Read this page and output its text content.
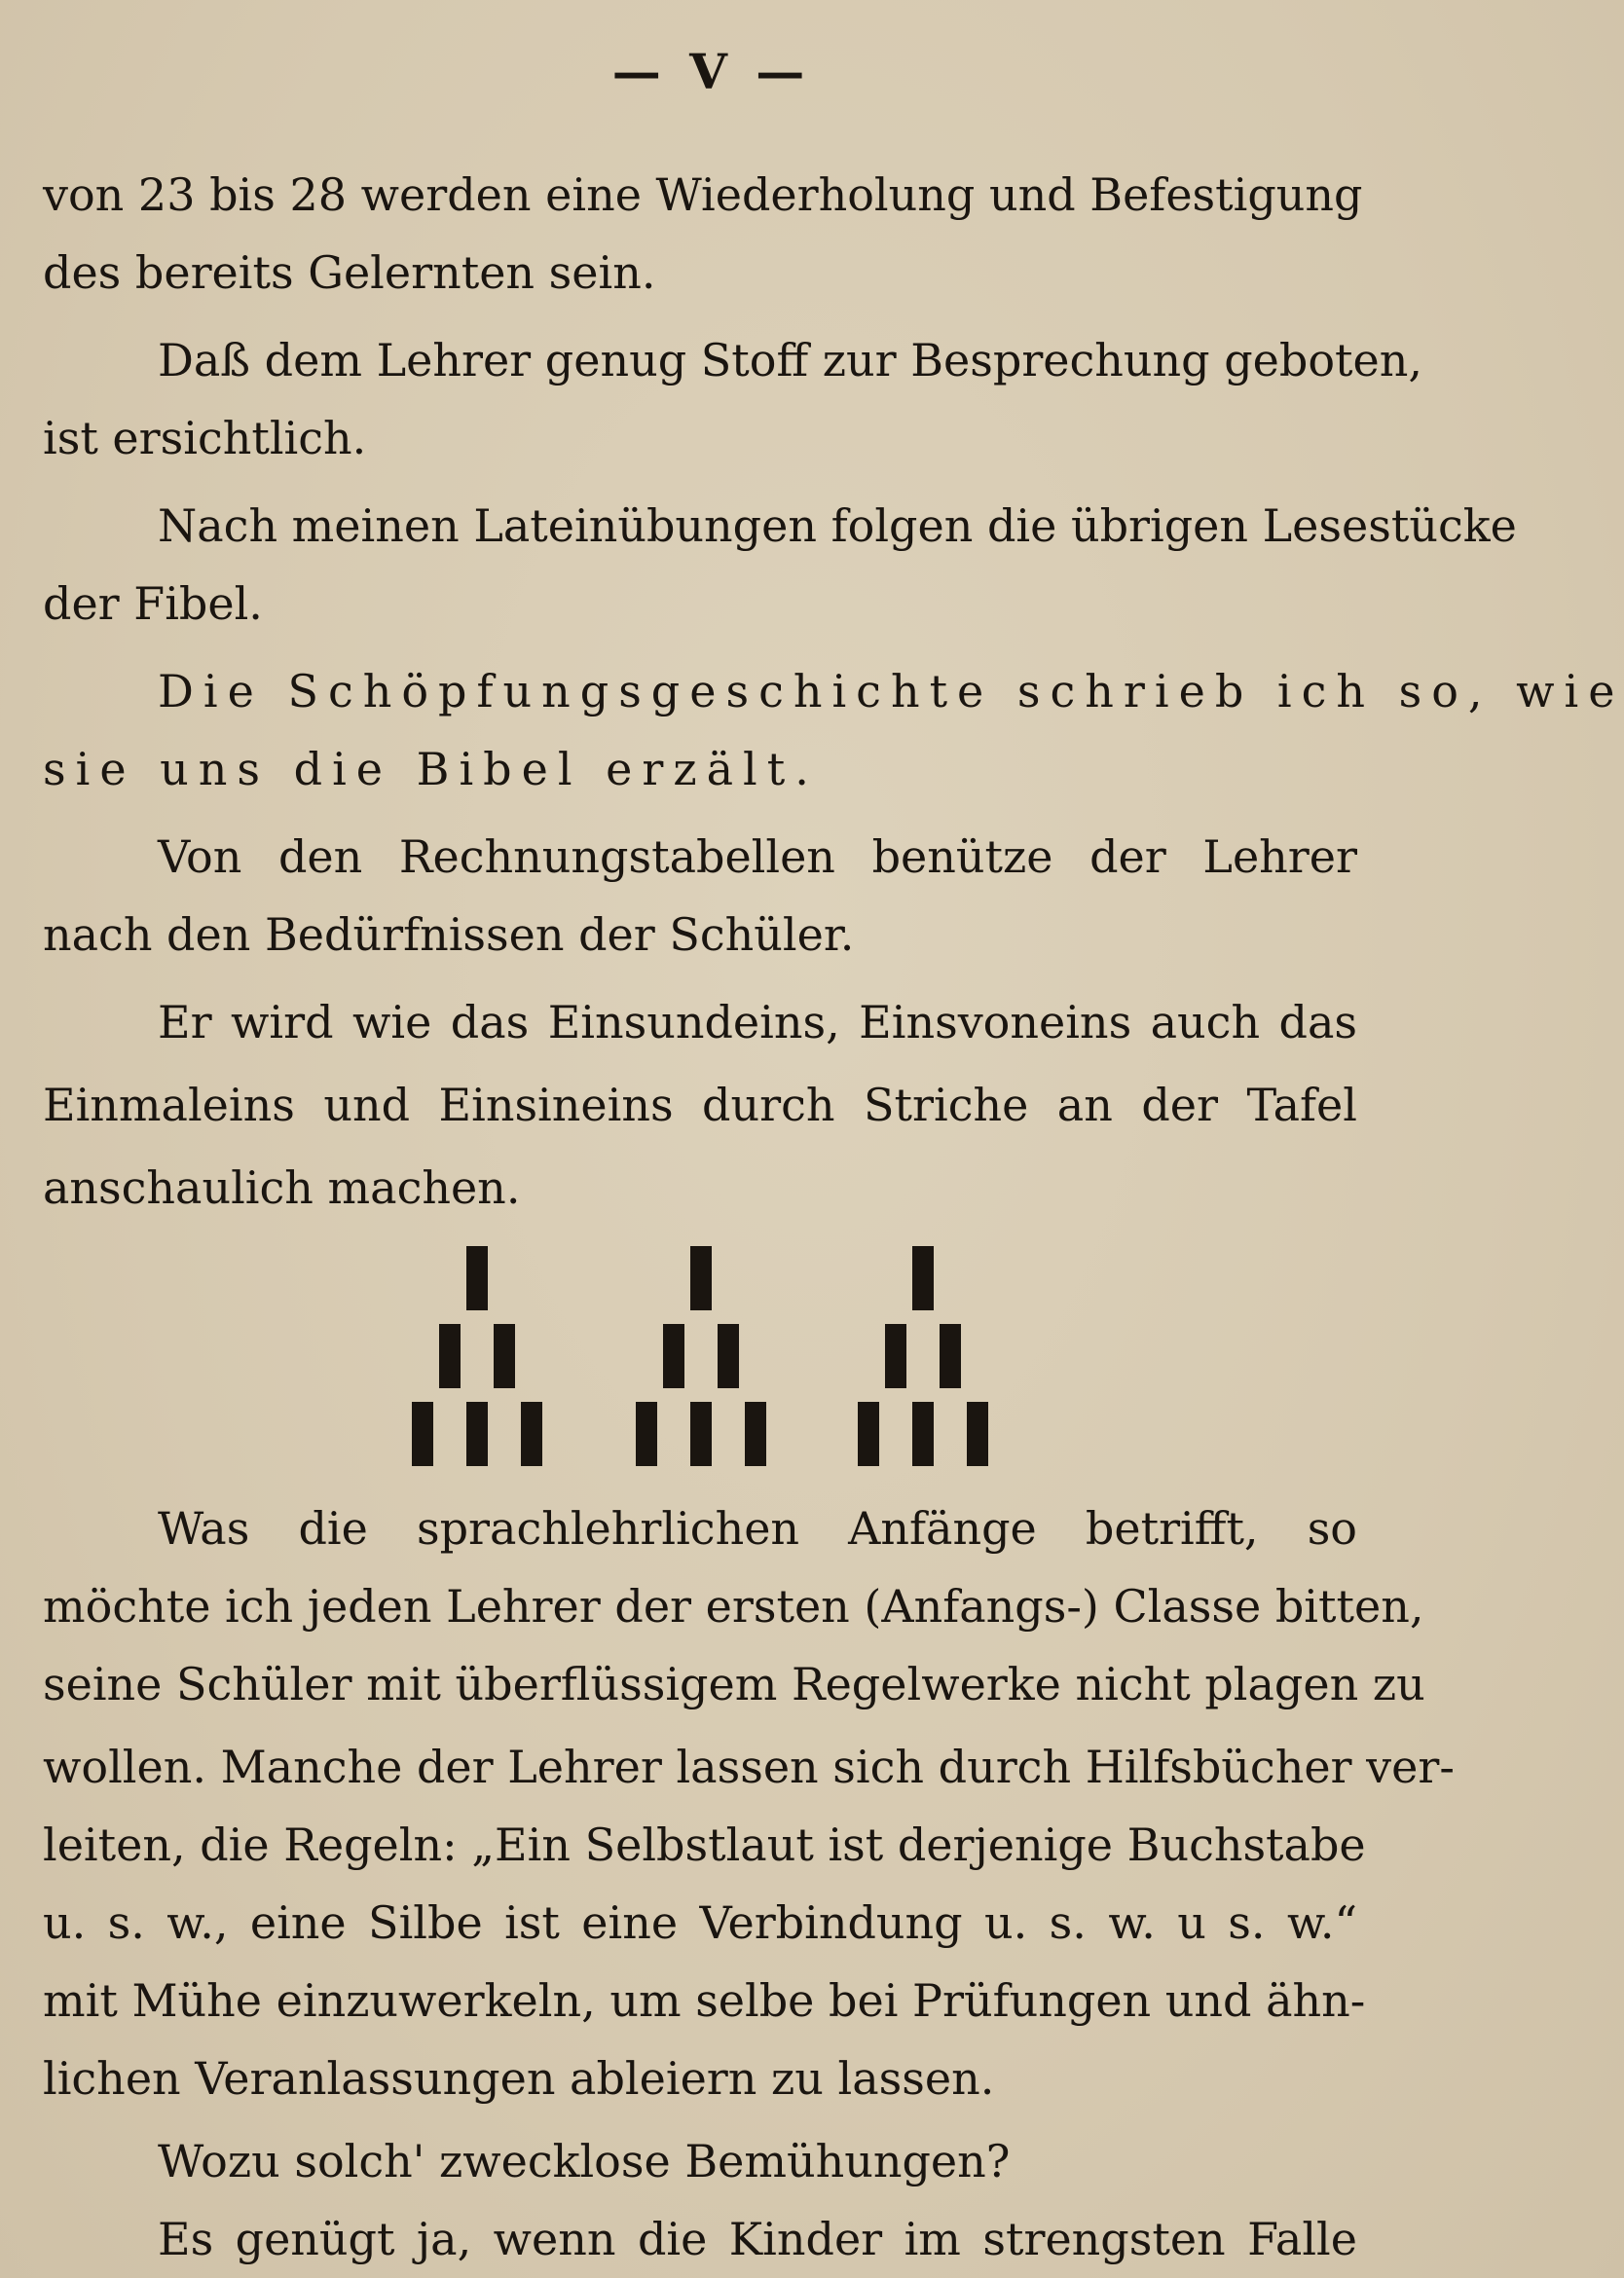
— V —
von 23 bis 28 werden eine Wiederholung und Befestigung
des bereits Gelernten sein.
Daß dem Lehrer genug Stoff zur Besprechung geboten,
ist ersichtlich.
Nach meinen Lateinübungen folgen die übrigen Lesestücke
der Fibel.
Die Schöpfungsgeschichte schrieb ich so, wie
sie uns die Bibel erzält.
Von den Rechnungstabellen benütze der Lehrer
nach den Bedürfnissen der Schüler.
Er wird wie das Einsundeins, Einsvoneins auch das
Einmaleins und Einsineins durch Striche an der Tafel
anschaulich machen.
Was die sprachlehrlichen Anfänge betrifft, so
möchte ich jeden Lehrer der ersten (Anfangs-) Classe bitten,
seine Schüler mit überflüssigem Regelwerke nicht plagen zu
wollen. Manche der Lehrer lassen sich durch Hilfsbücher ver-
leiten, die Regeln: „Ein Selbstlaut ist derjenige Buchstabe
u. s. w., eine Silbe ist eine Verbindung u. s. w. u s. w.“
mit Mühe einzuwerkeln, um selbe bei Prüfungen und ähn-
lichen Veranlassungen ableiern zu lassen.
Wozu solch' zwecklose Bemühungen?
Es genügt ja, wenn die Kinder im strengsten Falle
